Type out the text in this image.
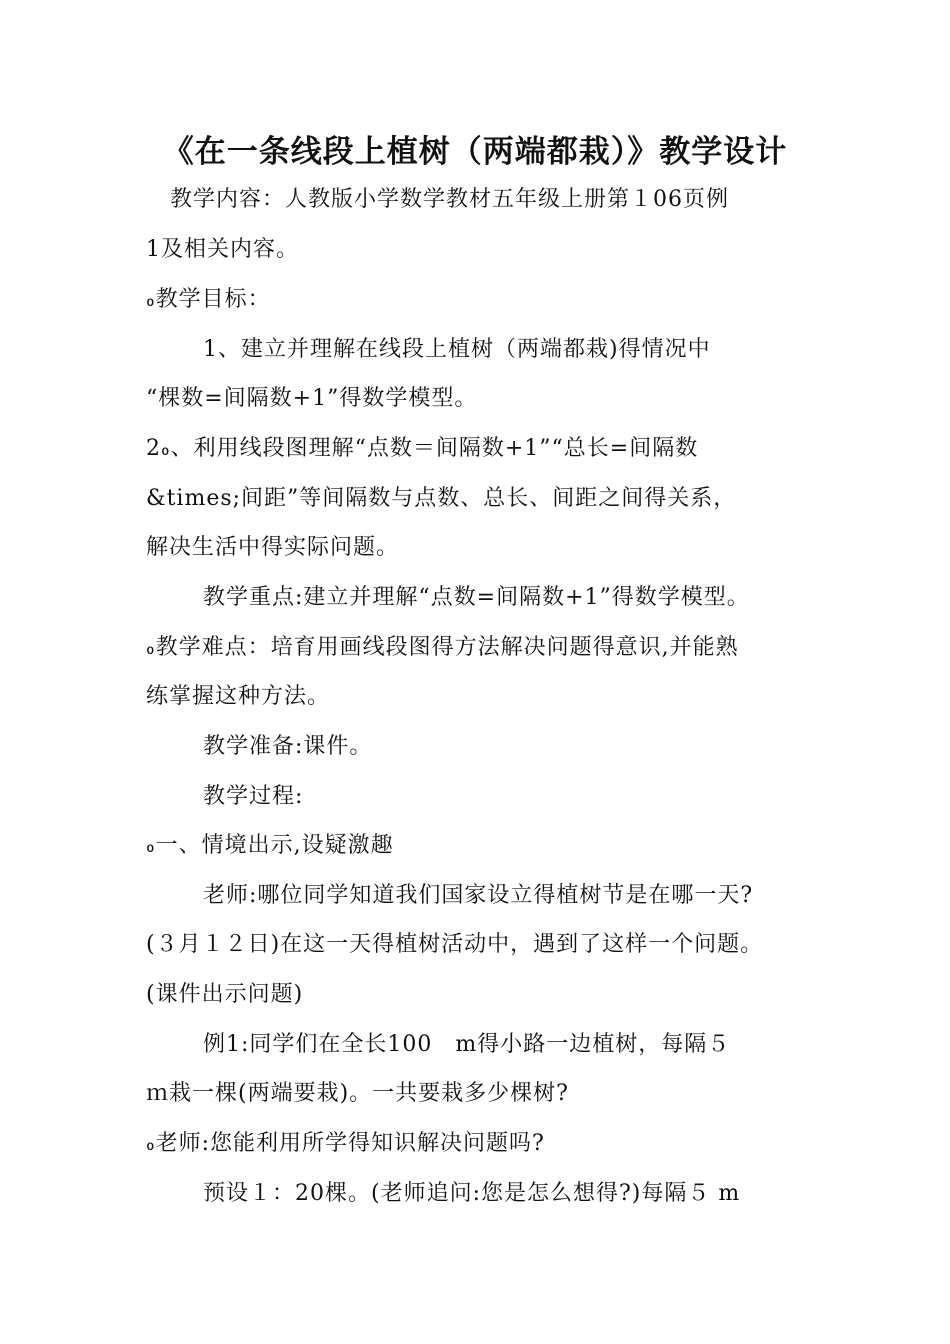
《在一条线段上植树（两端都栽）》教学设计
教学内容：人教版小学数学教材五年级上册第１06页例
1及相关内容。
៰教学目标：
1、建立并理解在线段上植树（两端都栽)得情况中
“棵数=间隔数+1”得数学模型。
2៰、利用线段图理解“点数＝间隔数+1”“总长=间隔数
&times;间距”等间隔数与点数、总长、间距之间得关系，
解决生活中得实际问题。
教学重点:建立并理解“点数=间隔数+1”得数学模型。
៰教学难点：培育用画线段图得方法解决问题得意识,并能熟
练掌握这种方法。
教学准备:课件。
教学过程:
៰一、情境出示,设疑激趣
老师:哪位同学知道我们国家设立得植树节是在哪一天?
(３月１２日)在这一天得植树活动中，遇到了这样一个问题。
(课件出示问题)
例1:同学们在全长100　m得小路一边植树，每隔５
ｍ栽一棵(两端要栽)。一共要栽多少棵树?
៰老师:您能利用所学得知识解决问题吗?
预设１：20棵。(老师追问:您是怎么想得?)每隔５ m
